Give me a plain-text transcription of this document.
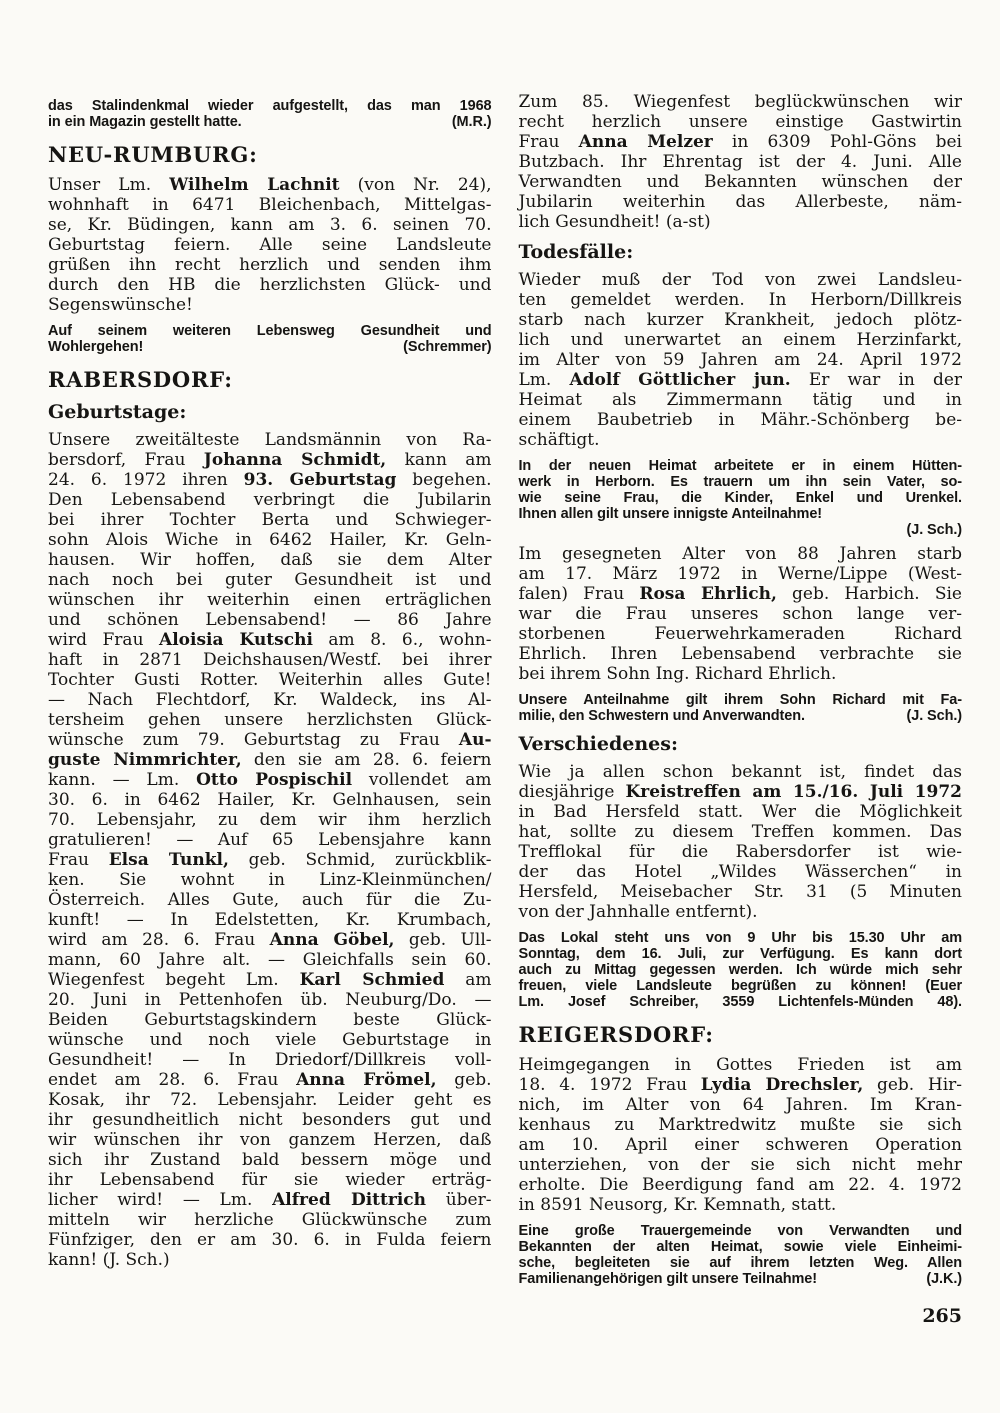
das Stalindenkmal wieder aufgestellt, das man 1968
in ein Magazin gestellt hatte.	(M.R.)
NEU-RUMBURG:
Unser Lm. Wilhelm Lachnit (von Nr. 24),
wohnhaft in 6471 Bleichenbach, Mittelgas-
se, Kr. Büdingen, kann am 3. 6. seinen 70.
Geburtstag feiern. Alle seine Landsleute
grüßen ihn recht herzlich und senden ihm
durch den HB die herzlichsten Glück- und
Segenswünsche!
Auf seinem weiteren Lebensweg Gesundheit und
Wohlergehen!	(Schremmer)
RABERSDORF:
Geburtstage:
Unsere zweitälteste Landsmännin von Ra-
bersdorf, Frau Johanna Schmidt, kann am
24. 6. 1972 ihren 93. Geburtstag begehen.
Den Lebensabend verbringt die Jubilarin
bei ihrer Tochter Berta und Schwieger-
sohn Alois Wiche in 6462 Hailer, Kr. Geln-
hausen. Wir hoffen, daß sie dem Alter
nach noch bei guter Gesundheit ist und
wünschen ihr weiterhin einen erträglichen
und schönen Lebensabend! — 86 Jahre
wird Frau Aloisia Kutschi am 8. 6., wohn-
haft in 2871 Deichshausen/Westf. bei ihrer
Tochter Gusti Rotter. Weiterhin alles Gute!
— Nach Flechtdorf, Kr. Waldeck, ins Al-
tersheim gehen unsere herzlichsten Glück-
wünsche zum 79. Geburtstag zu Frau Au-
guste Nimmrichter, den sie am 28. 6. feiern
kann. — Lm. Otto Pospischil vollendet am
30. 6. in 6462 Hailer, Kr. Gelnhausen, sein
70. Lebensjahr, zu dem wir ihm herzlich
gratulieren! — Auf 65 Lebensjahre kann
Frau Elsa Tunkl, geb. Schmid, zurückblik-
ken. Sie wohnt in Linz-Kleinmünchen/
Österreich. Alles Gute, auch für die Zu-
kunft! — In Edelstetten, Kr. Krumbach,
wird am 28. 6. Frau Anna Göbel, geb. Ull-
mann, 60 Jahre alt. — Gleichfalls sein 60.
Wiegenfest begeht Lm. Karl Schmied am
20. Juni in Pettenhofen üb. Neuburg/Do. —
Beiden Geburtstagskindern beste Glück-
wünsche und noch viele Geburtstage in
Gesundheit! — In Driedorf/Dillkreis voll-
endet am 28. 6. Frau Anna Frömel, geb.
Kosak, ihr 72. Lebensjahr. Leider geht es
ihr gesundheitlich nicht besonders gut und
wir wünschen ihr von ganzem Herzen, daß
sich ihr Zustand bald bessern möge und
ihr Lebensabend für sie wieder erträg-
licher wird! — Lm. Alfred Dittrich über-
mitteln wir herzliche Glückwünsche zum
Fünfziger, den er am 30. 6. in Fulda feiern
kann! (J. Sch.)
Zum 85. Wiegenfest beglückwünschen wir
recht herzlich unsere einstige Gastwirtin
Frau Anna Melzer in 6309 Pohl-Göns bei
Butzbach. Ihr Ehrentag ist der 4. Juni. Alle
Verwandten und Bekannten wünschen der
Jubilarin weiterhin das Allerbeste, näm-
lich Gesundheit! (a-st)
Todesfälle:
Wieder muß der Tod von zwei Landsleu-
ten gemeldet werden. In Herborn/Dillkreis
starb nach kurzer Krankheit, jedoch plötz-
lich und unerwartet an einem Herzinfarkt,
im Alter von 59 Jahren am 24. April 1972
Lm. Adolf Göttlicher jun. Er war in der
Heimat als Zimmermann tätig und in
einem Baubetrieb in Mähr.-Schönberg be-
schäftigt.
In der neuen Heimat arbeitete er in einem Hütten-
werk in Herborn. Es trauern um ihn sein Vater, so-
wie seine Frau, die Kinder, Enkel und Urenkel.
Ihnen allen gilt unsere innigste Anteilnahme!
(J. Sch.)
Im gesegneten Alter von 88 Jahren starb
am 17. März 1972 in Werne/Lippe (West-
falen) Frau Rosa Ehrlich, geb. Harbich. Sie
war die Frau unseres schon lange ver-
storbenen Feuerwehrkameraden Richard
Ehrlich. Ihren Lebensabend verbrachte sie
bei ihrem Sohn Ing. Richard Ehrlich.
Unsere Anteilnahme gilt ihrem Sohn Richard mit Fa-
milie, den Schwestern und Anverwandten.	(J. Sch.)
Verschiedenes:
Wie ja allen schon bekannt ist, findet das
diesjährige Kreistreffen am 15./16. Juli 1972
in Bad Hersfeld statt. Wer die Möglichkeit
hat, sollte zu diesem Treffen kommen. Das
Trefflokal für die Rabersdorfer ist wie-
der das Hotel „Wildes Wässerchen“ in
Hersfeld, Meisebacher Str. 31 (5 Minuten
von der Jahnhalle entfernt).
Das Lokal steht uns von 9 Uhr bis 15.30 Uhr am
Sonntag, dem 16. Juli, zur Verfügung. Es kann dort
auch zu Mittag gegessen werden. Ich würde mich sehr
freuen, viele Landsleute begrüßen zu können! (Euer
Lm. Josef Schreiber, 3559 Lichtenfels-Münden 48).
REIGERSDORF:
Heimgegangen in Gottes Frieden ist am
18. 4. 1972 Frau Lydia Drechsler, geb. Hir-
nich, im Alter von 64 Jahren. Im Kran-
kenhaus zu Marktredwitz mußte sie sich
am 10. April einer schweren Operation
unterziehen, von der sie sich nicht mehr
erholte. Die Beerdigung fand am 22. 4. 1972
in 8591 Neusorg, Kr. Kemnath, statt.
Eine große Trauergemeinde von Verwandten und
Bekannten der alten Heimat, sowie viele Einheimi-
sche, begleiteten sie auf ihrem letzten Weg. Allen
Familienangehörigen gilt unsere Teilnahme!	(J.K.)
265
